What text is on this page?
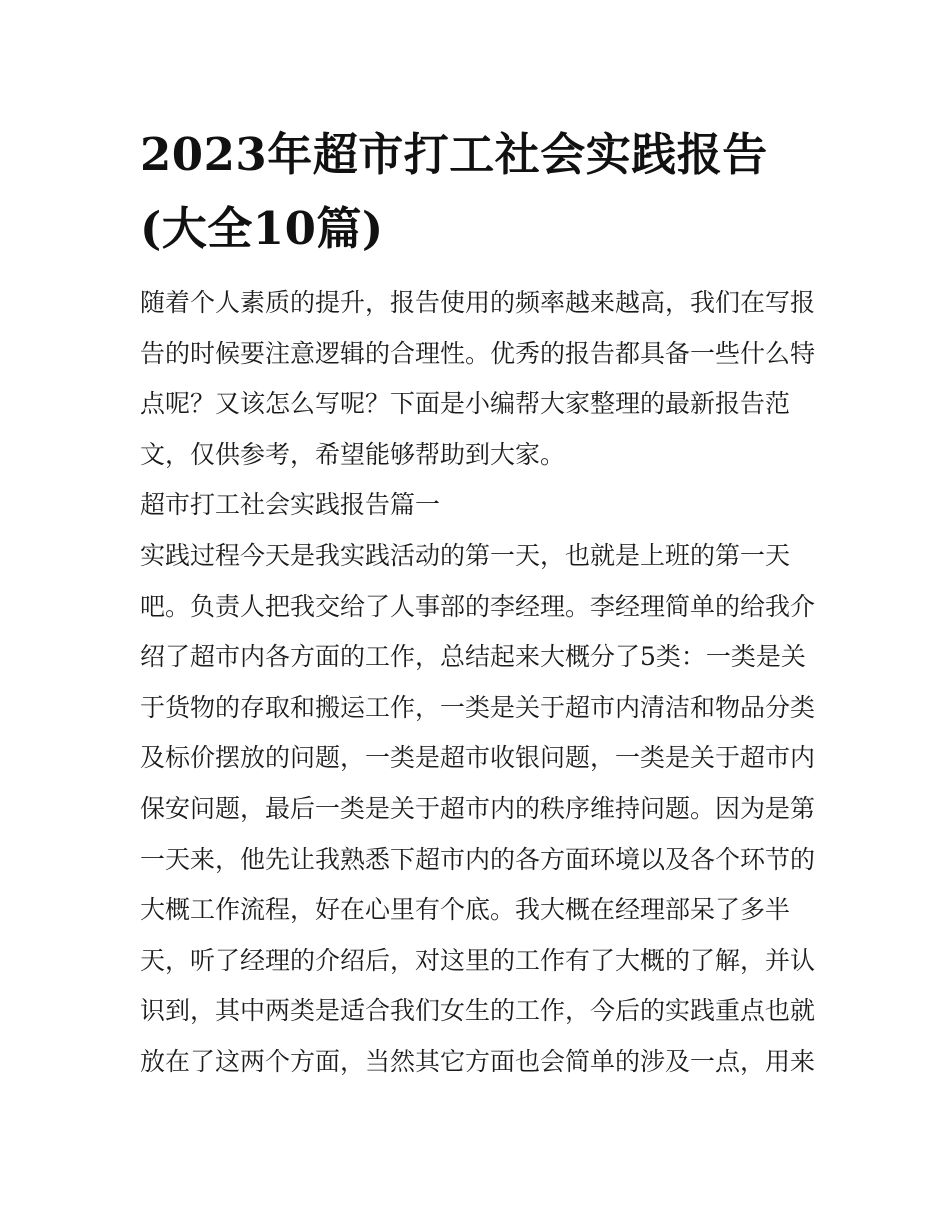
2023年超市打工社会实践报告
(大全10篇)
随着个人素质的提升，报告使用的频率越来越高，我们在写报
告的时候要注意逻辑的合理性。优秀的报告都具备一些什么特
点呢？又该怎么写呢？下面是小编帮大家整理的最新报告范
文，仅供参考，希望能够帮助到大家。
超市打工社会实践报告篇一
实践过程今天是我实践活动的第一天，也就是上班的第一天
吧。负责人把我交给了人事部的李经理。李经理简单的给我介
绍了超市内各方面的工作，总结起来大概分了5类：一类是关
于货物的存取和搬运工作，一类是关于超市内清洁和物品分类
及标价摆放的问题，一类是超市收银问题，一类是关于超市内
保安问题，最后一类是关于超市内的秩序维持问题。因为是第
一天来，他先让我熟悉下超市内的各方面环境以及各个环节的
大概工作流程，好在心里有个底。我大概在经理部呆了多半
天，听了经理的介绍后，对这里的工作有了大概的了解，并认
识到，其中两类是适合我们女生的工作，今后的实践重点也就
放在了这两个方面，当然其它方面也会简单的涉及一点，用来
